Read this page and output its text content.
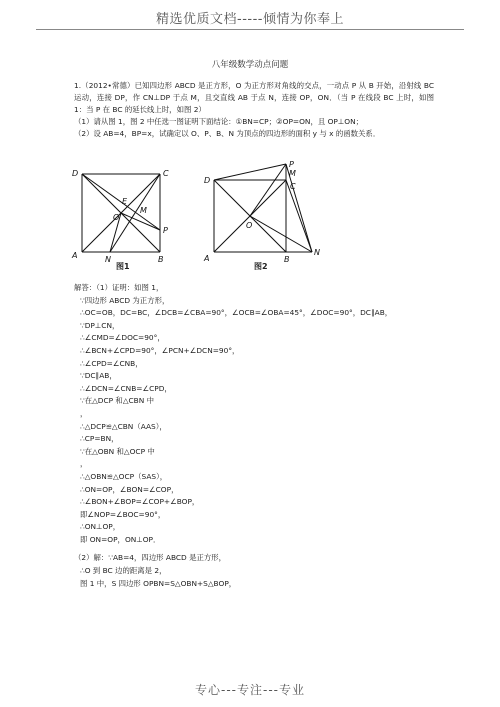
精选优质文档-----倾情为你奉上
八年级数学动点问题
1.（2012•常德）已知四边形 ABCD 是正方形，O 为正方形对角线的交点，一动点 P 从 B 开始，沿射线 BC 运动，连接 DP，作 CN⊥DP 于点 M，且交直线 AB 于点 N，连接 OP，ON．（当 P 在线段 BC 上时，如图 1：当 P 在 BC 的延长线上时，如图 2）
（1）请从图 1，图 2 中任选一图证明下面结论：①BN=CP；②OP=ON，且 OP⊥ON；
（2）设 AB=4，BP=x，试确定以 O、P、B、N 为顶点的四边形的面积 y 与 x 的函数关系．
D	C
E
M
O
P
A	N	B
图1
P
M
D
C
O
A	B
N
图2
解答：（1）证明：如图 1，
∵四边形 ABCD 为正方形，
∴OC=OB，DC=BC，∠DCB=∠CBA=90°，∠OCB=∠OBA=45°，∠DOC=90°，DC∥AB，
∵DP⊥CN，
∴∠CMD=∠DOC=90°，
∴∠BCN+∠CPD=90°，∠PCN+∠DCN=90°，
∴∠CPD=∠CNB，
∵DC∥AB，
∴∠DCN=∠CNB=∠CPD，
∵在△DCP 和△CBN 中
，
∴△DCP≌△CBN（AAS），
∴CP=BN，
∵在△OBN 和△OCP 中
，
∴△OBN≌△OCP（SAS），
∴ON=OP，∠BON=∠COP，
∴∠BON+∠BOP=∠COP+∠BOP，
即∠NOP=∠BOC=90°，
∴ON⊥OP，
即 ON=OP，ON⊥OP．
（2）解：∵AB=4，四边形 ABCD 是正方形，
∴O 到 BC 边的距离是 2，
图 1 中，S 四边形 OPBN=S△OBN+S△BOP，
专心---专注---专业
